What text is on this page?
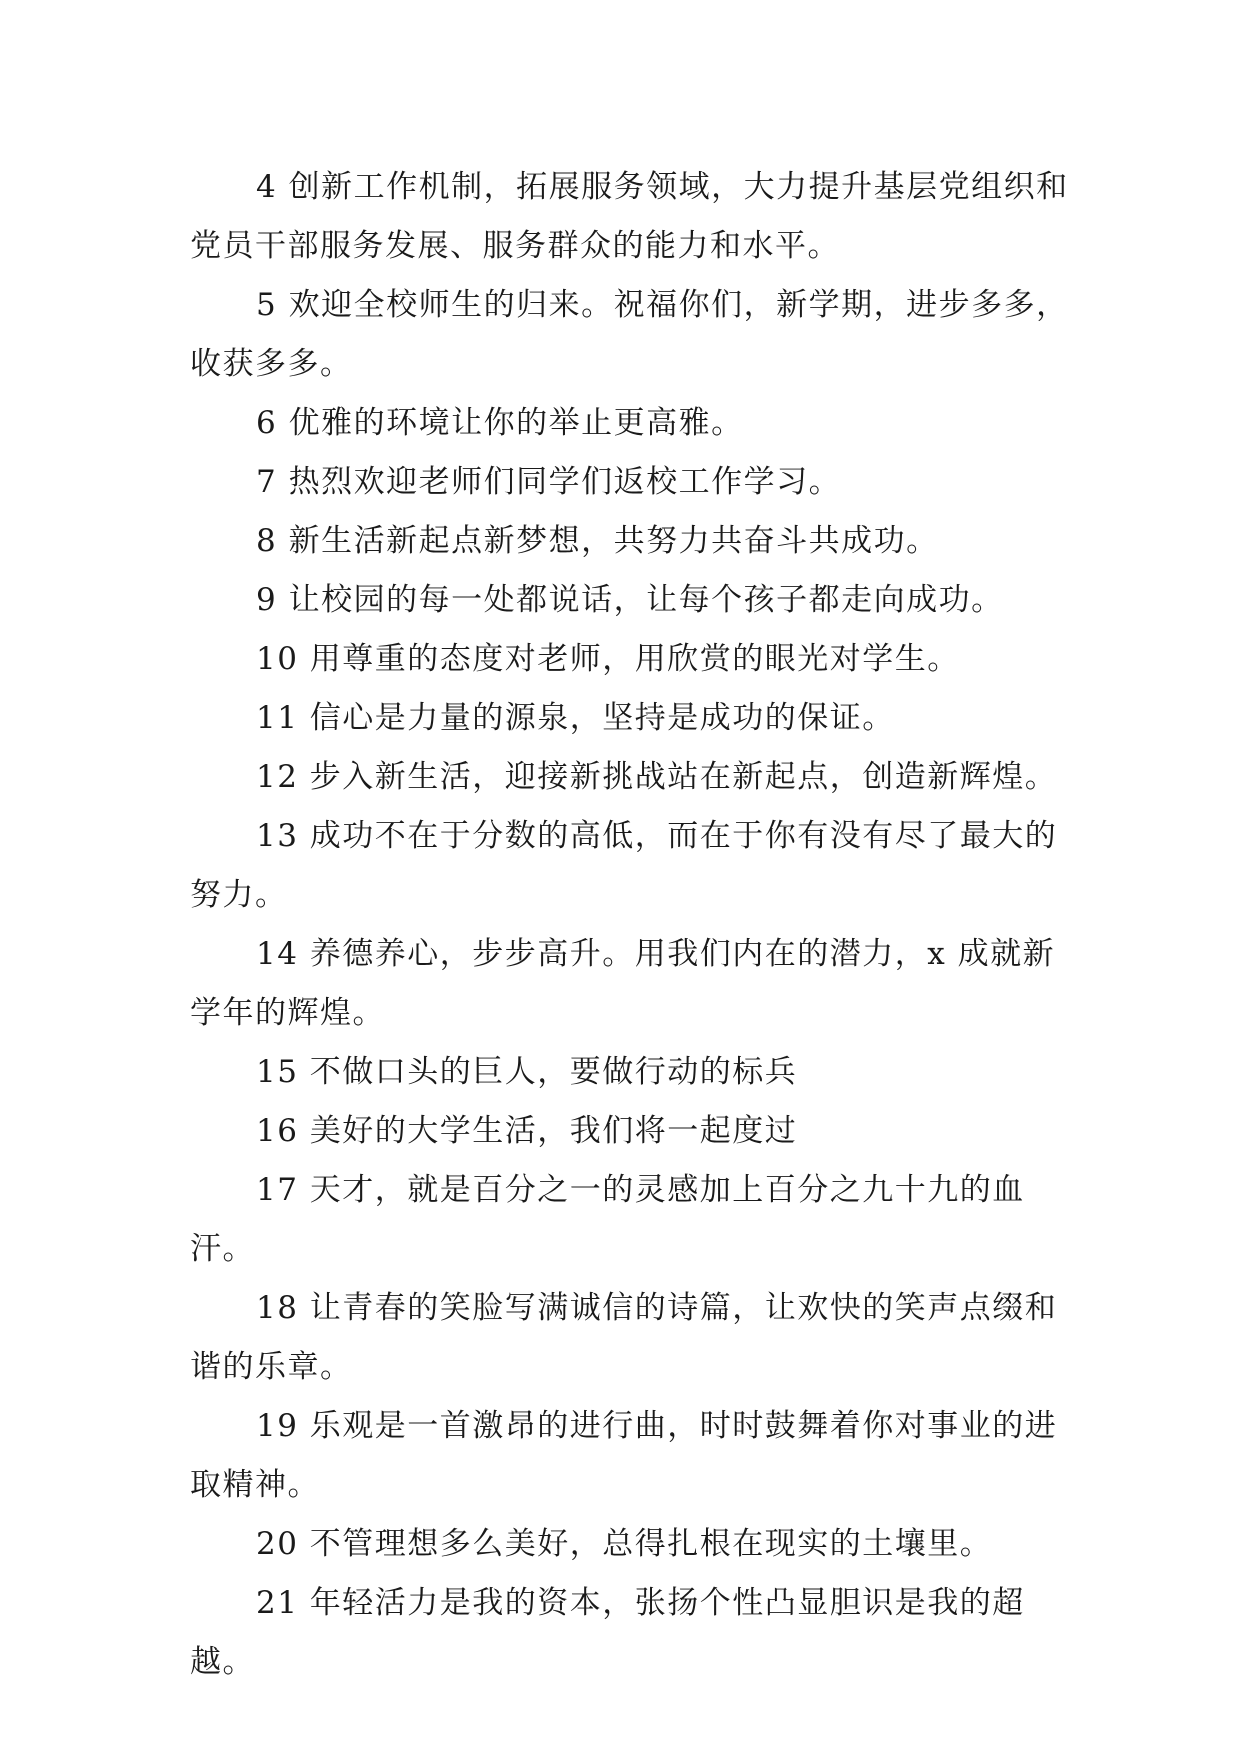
4 创新工作机制，拓展服务领域，大力提升基层党组织和党员干部服务发展、服务群众的能力和水平。

5 欢迎全校师生的归来。祝福你们，新学期，进步多多，收获多多。

6 优雅的环境让你的举止更高雅。

7 热烈欢迎老师们同学们返校工作学习。

8 新生活新起点新梦想，共努力共奋斗共成功。

9 让校园的每一处都说话，让每个孩子都走向成功。

10 用尊重的态度对老师，用欣赏的眼光对学生。

11 信心是力量的源泉，坚持是成功的保证。

12 步入新生活，迎接新挑战站在新起点，创造新辉煌。

13 成功不在于分数的高低，而在于你有没有尽了最大的努力。

14 养德养心，步步高升。用我们内在的潜力，x 成就新学年的辉煌。

15 不做口头的巨人，要做行动的标兵

16 美好的大学生活，我们将一起度过

17 天才，就是百分之一的灵感加上百分之九十九的血汗。

18 让青春的笑脸写满诚信的诗篇，让欢快的笑声点缀和谐的乐章。

19 乐观是一首激昂的进行曲，时时鼓舞着你对事业的进取精神。

20 不管理想多么美好，总得扎根在现实的土壤里。

21 年轻活力是我的资本，张扬个性凸显胆识是我的超越。
